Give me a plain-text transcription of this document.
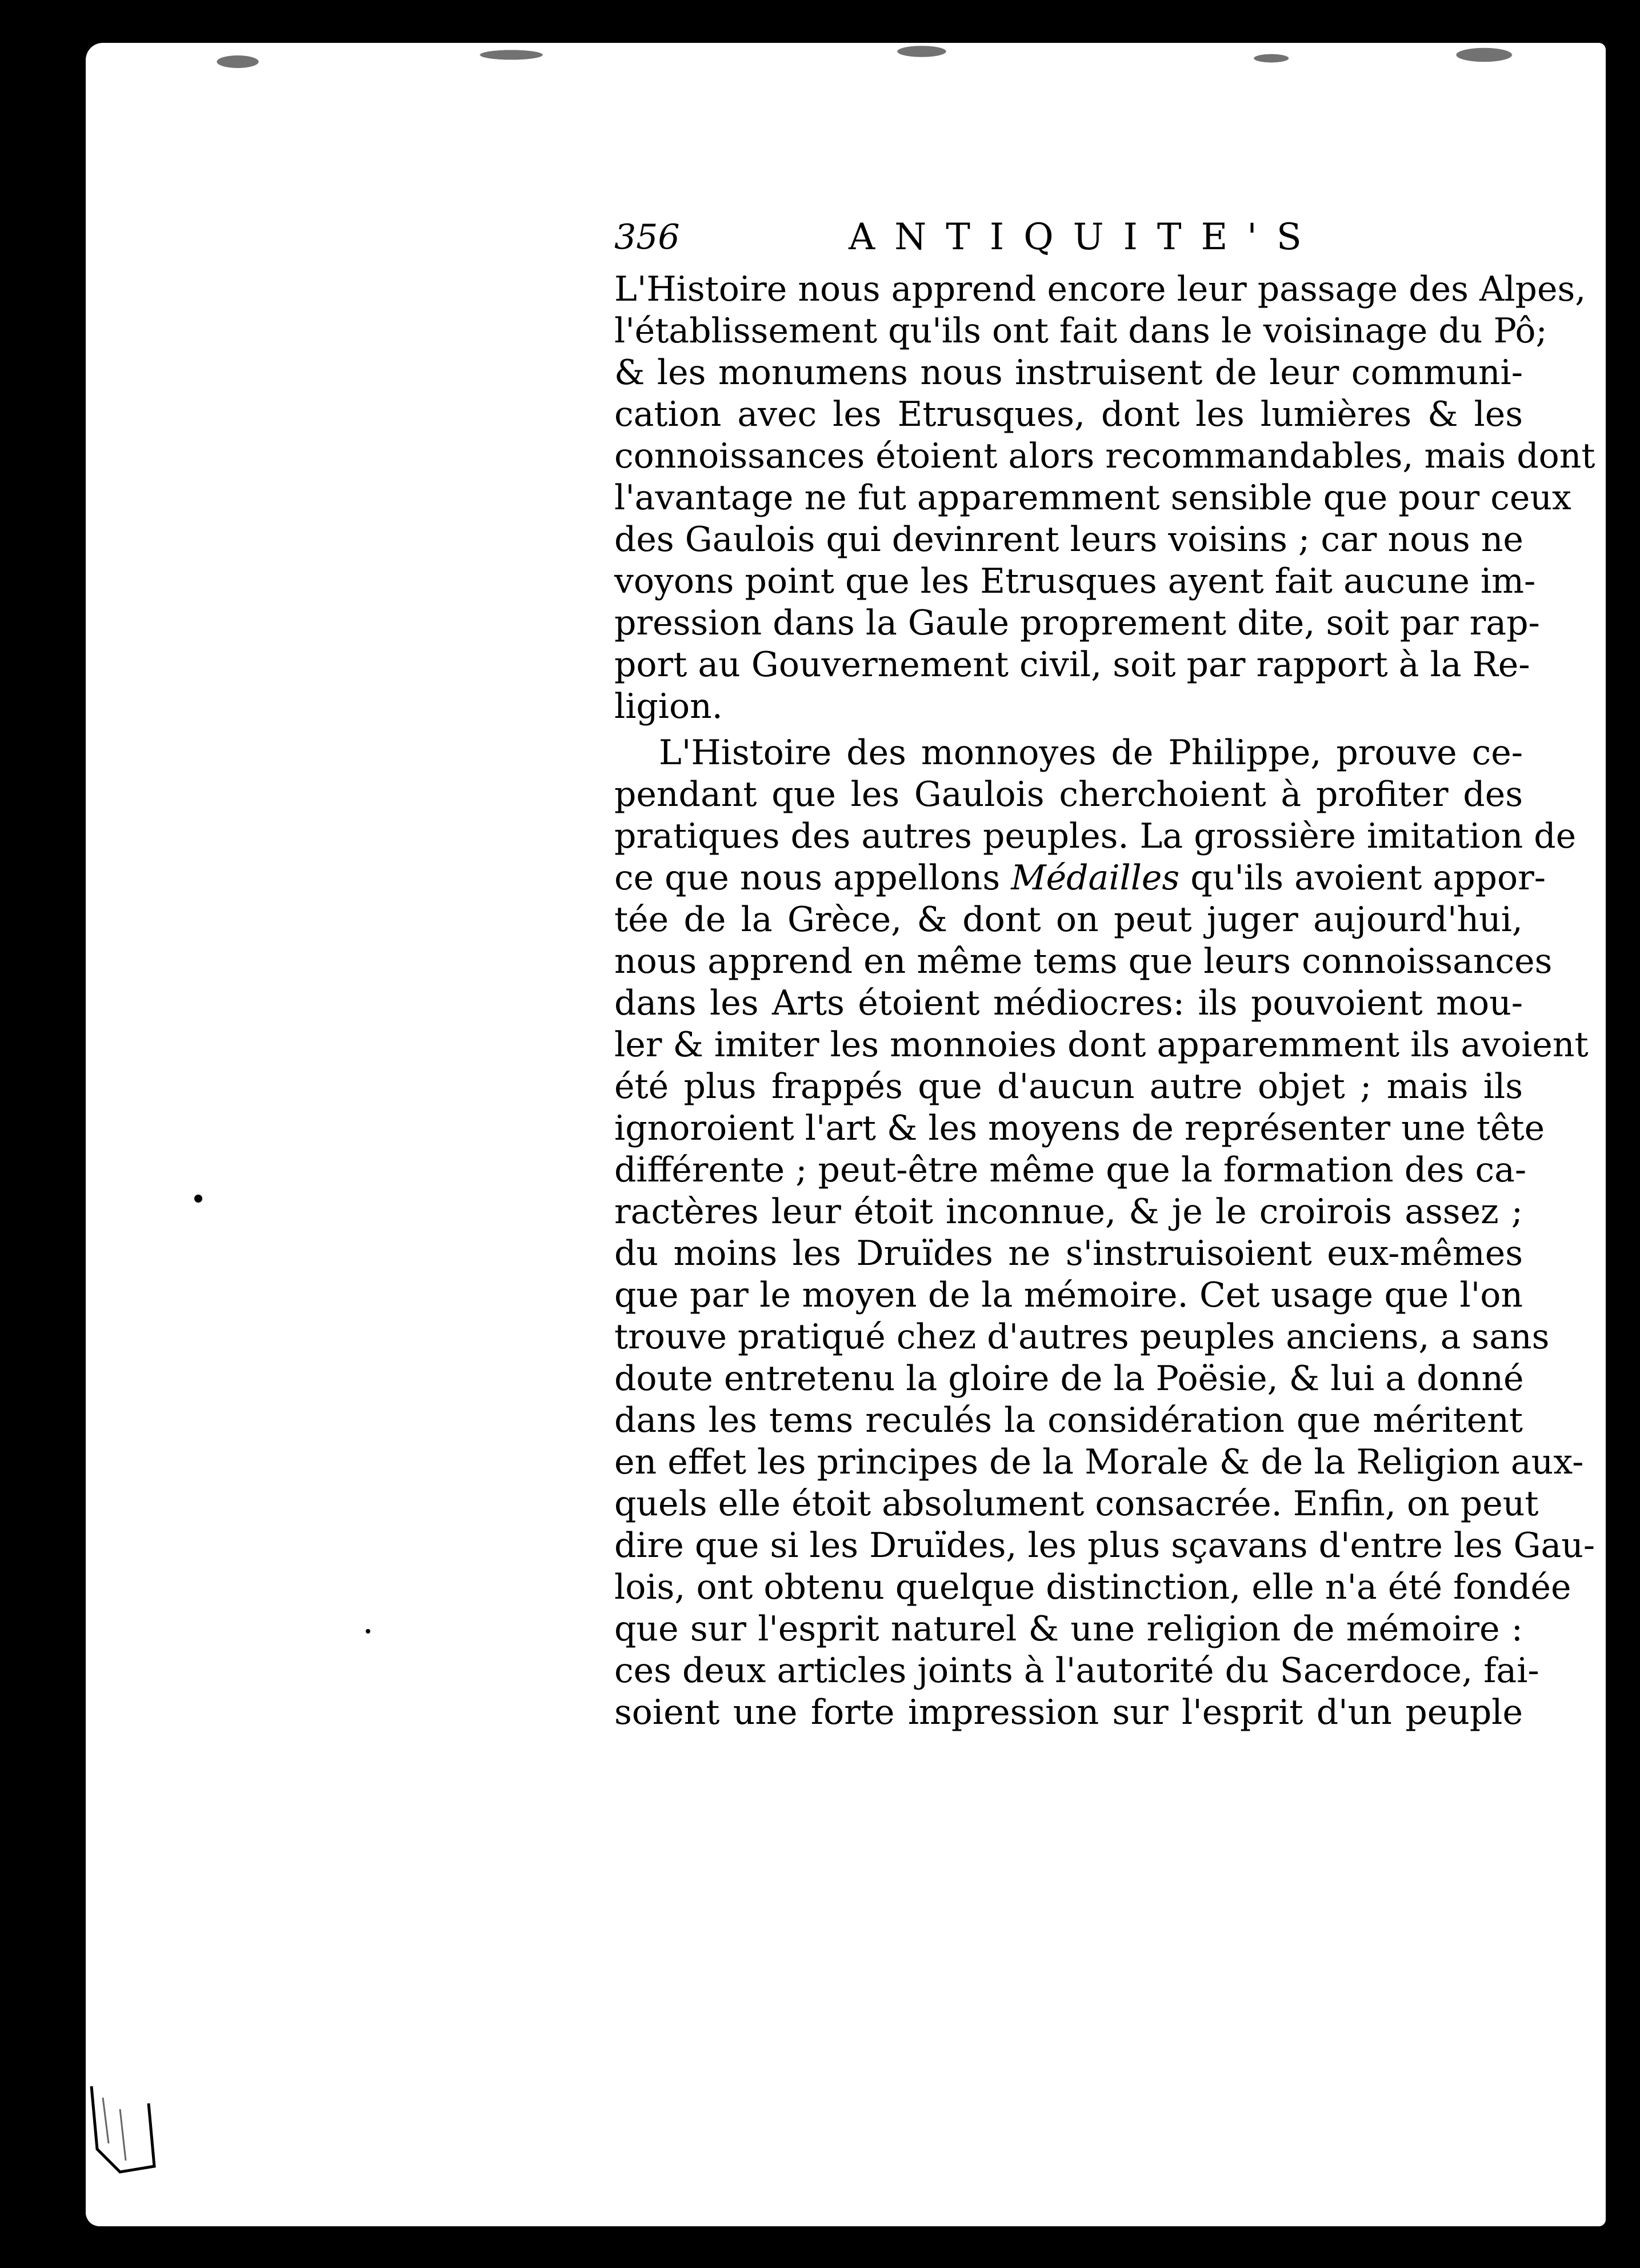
356	ANTIQUITE'S
L'Histoire nous apprend encore leur passage des Alpes,
l'établissement qu'ils ont fait dans le voisinage du Pô;
& les monumens nous instruisent de leur communi-
cation avec les Etrusques, dont les lumières & les
connoissances étoient alors recommandables, mais dont
l'avantage ne fut apparemment sensible que pour ceux
des Gaulois qui devinrent leurs voisins ; car nous ne
voyons point que les Etrusques ayent fait aucune im-
pression dans la Gaule proprement dite, soit par rap-
port au Gouvernement civil, soit par rapport à la Re-
ligion.
L'Histoire des monnoyes de Philippe, prouve ce-
pendant que les Gaulois cherchoient à profiter des
pratiques des autres peuples. La grossière imitation de
ce que nous appellons Médailles qu'ils avoient appor-
tée de la Grèce, & dont on peut juger aujourd'hui,
nous apprend en même tems que leurs connoissances
dans les Arts étoient médiocres: ils pouvoient mou-
ler & imiter les monnoies dont apparemment ils avoient
été plus frappés que d'aucun autre objet ; mais ils
ignoroient l'art & les moyens de représenter une tête
différente ; peut-être même que la formation des ca-
ractères leur étoit inconnue, & je le croirois assez ;
du moins les Druïdes ne s'instruisoient eux-mêmes
que par le moyen de la mémoire. Cet usage que l'on
trouve pratiqué chez d'autres peuples anciens, a sans
doute entretenu la gloire de la Poësie, & lui a donné
dans les tems reculés la considération que méritent
en effet les principes de la Morale & de la Religion aux-
quels elle étoit absolument consacrée. Enfin, on peut
dire que si les Druïdes, les plus sçavans d'entre les Gau-
lois, ont obtenu quelque distinction, elle n'a été fondée
que sur l'esprit naturel & une religion de mémoire :
ces deux articles joints à l'autorité du Sacerdoce, fai-
soient une forte impression sur l'esprit d'un peuple
